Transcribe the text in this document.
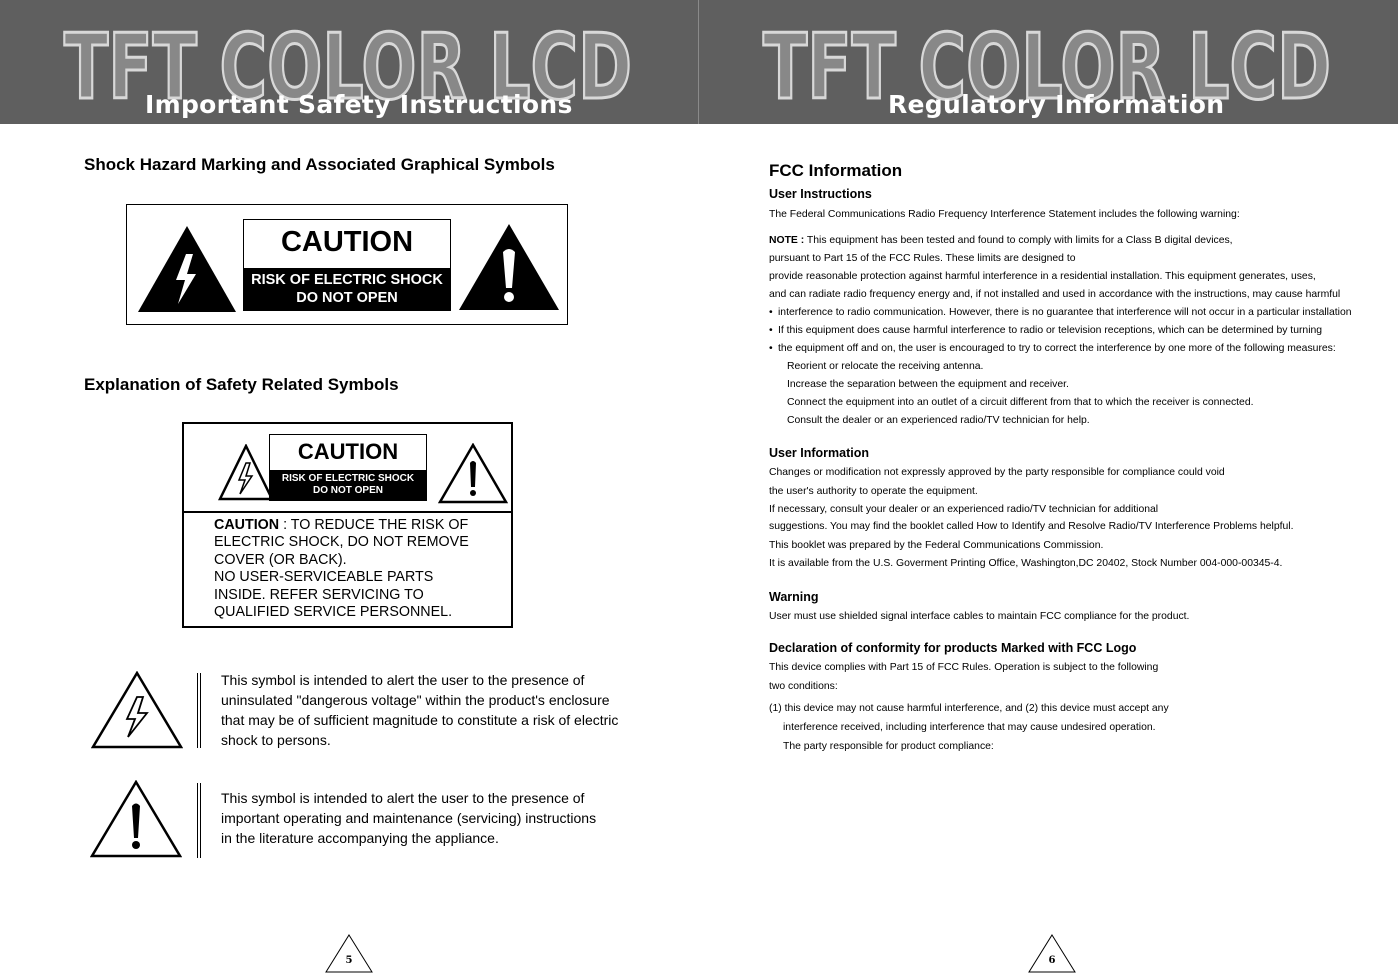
TFT COLOR LCD
Important Safety Instructions TFT COLOR LCD
Regulatory Information
Shock Hazard Marking and Associated Graphical Symbols
CAUTION
RISK OF ELECTRIC SHOCK
DO NOT OPEN
Explanation of Safety Related Symbols
CAUTION
RISK OF ELECTRIC SHOCK
DO NOT OPEN
CAUTION : TO REDUCE THE RISK OF
ELECTRIC SHOCK, DO NOT REMOVE
COVER (OR BACK).
NO USER-SERVICEABLE PARTS
INSIDE. REFER SERVICING TO
QUALIFIED SERVICE PERSONNEL.
This symbol is intended to alert the user to the presence of
uninsulated "dangerous voltage" within the product's enclosure
that may be of sufficient magnitude to constitute a risk of electric
shock to persons.
This symbol is intended to alert the user to the presence of
important operating and maintenance (servicing) instructions
in the literature accompanying the appliance.
5
FCC Information
User Instructions
The Federal Communications Radio Frequency Interference Statement includes the following warning:
NOTE : This equipment has been tested and found to comply with limits for a Class B digital devices,
pursuant to Part 15 of the FCC Rules. These limits are designed to
provide reasonable protection against harmful interference in a residential installation. This equipment generates, uses,
and can radiate radio frequency energy and, if not installed and used in accordance with the instructions, may cause harmful
• interference to radio communication. However, there is no guarantee that interference will not occur in a particular installation
• If this equipment does cause harmful interference to radio or television receptions, which can be determined by turning
• the equipment off and on, the user is encouraged to try to correct the interference by one more of the following measures:
Reorient or relocate the receiving antenna.
Increase the separation between the equipment and receiver.
Connect the equipment into an outlet of a circuit different from that to which the receiver is connected.
Consult the dealer or an experienced radio/TV technician for help.
User Information
Changes or modification not expressly approved by the party responsible for compliance could void
the user's authority to operate the equipment.
If necessary, consult your dealer or an experienced radio/TV technician for additional
suggestions. You may find the booklet called How to Identify and Resolve Radio/TV Interference Problems helpful.
This booklet was prepared by the Federal Communications Commission.
It is available from the U.S. Goverment Printing Office, Washington,DC 20402, Stock Number 004-000-00345-4.
Warning
User must use shielded signal interface cables to maintain FCC compliance for the product.
Declaration of conformity for products Marked with FCC Logo
This device complies with Part 15 of FCC Rules. Operation is subject to the following
two conditions:
(1) this device may not cause harmful interference, and (2) this device must accept any
interference received, including interference that may cause undesired operation.
The party responsible for product compliance:
6
